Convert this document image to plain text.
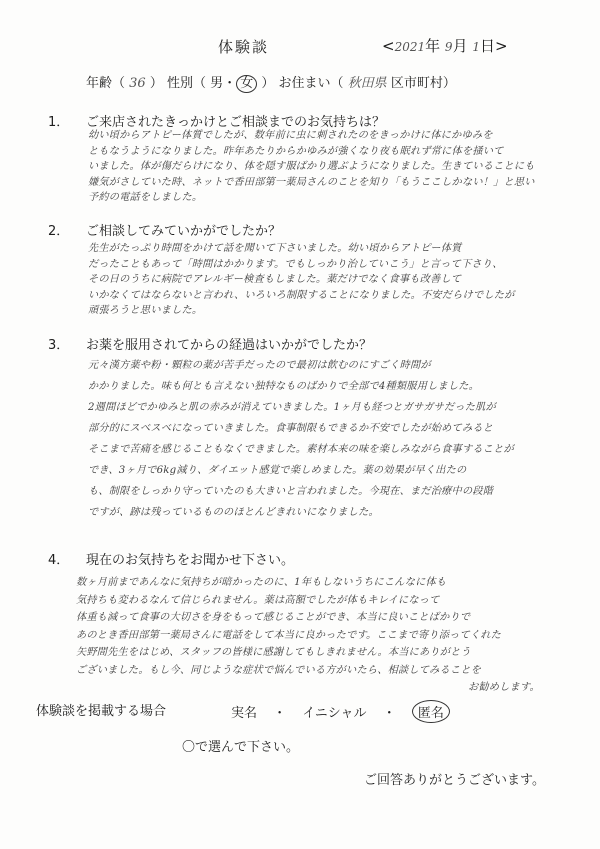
体験談	<2021年 9月 1日>
年齢（ 36 ） 性別（ 男・ 女 ） お住まい（ 秋田県 区市町村）
1． ご来店されたきっかけとご相談までのお気持ちは？

幼い頃からアトピー体質でしたが、数年前に虫に刺されたのをきっかけに体にかゆみを

ともなうようになりました。昨年あたりからかゆみが強くなり夜も眠れず常に体を掻いて

いました。体が傷だらけになり、体を隠す服ばかり選ぶようになりました。生きていることにも

嫌気がさしていた時、ネットで香田部第一薬局さんのことを知り「もうここしかない！」と思い

予約の電話をしました。

2． ご相談してみていかがでしたか？

先生がたっぷり時間をかけて話を聞いて下さいました。幼い頃からアトピー体質

だったこともあって「時間はかかります。でもしっかり治していこう」と言って下さり、

その日のうちに病院でアレルギー検査もしました。薬だけでなく食事も改善して

いかなくてはならないと言われ、いろいろ制限することになりました。不安だらけでしたが

頑張ろうと思いました。

3． お薬を服用されてからの経過はいかがでしたか？

元々漢方薬や粉・顆粒の薬が苦手だったので最初は飲むのにすごく時間が

かかりました。味も何とも言えない独特なものばかりで全部で4種類服用しました。

2週間ほどでかゆみと肌の赤みが消えていきました。1ヶ月も経つとガサガサだった肌が

部分的にスベスベになっていきました。食事制限もできるか不安でしたが始めてみると

そこまで苦痛を感じることもなくできました。素材本来の味を楽しみながら食事することが

でき、3ヶ月で6kg減り、ダイエット感覚で楽しめました。薬の効果が早く出たの

も、制限をしっかり守っていたのも大きいと言われました。今現在、まだ治療中の段階

ですが、跡は残っているもののほとんどきれいになりました。

4． 現在のお気持ちをお聞かせ下さい。

数ヶ月前まであんなに気持ちが暗かったのに、1年もしないうちにこんなに体も

気持ちも変わるなんて信じられません。薬は高額でしたが体もキレイになって

体重も減って食事の大切さを身をもって感じることができ、本当に良いことばかりで

あのとき香田部第一薬局さんに電話をして本当に良かったです。ここまで寄り添ってくれた

矢野間先生をはじめ、スタッフの皆様に感謝してもしきれません。本当にありがとう

ございました。もし今、同じような症状で悩んでいる方がいたら、相談してみることを

お勧めします。

体験談を掲載する場合	実名 ・ イニシャル ・ 匿名
〇で選んで下さい。
ご回答ありがとうございます。
